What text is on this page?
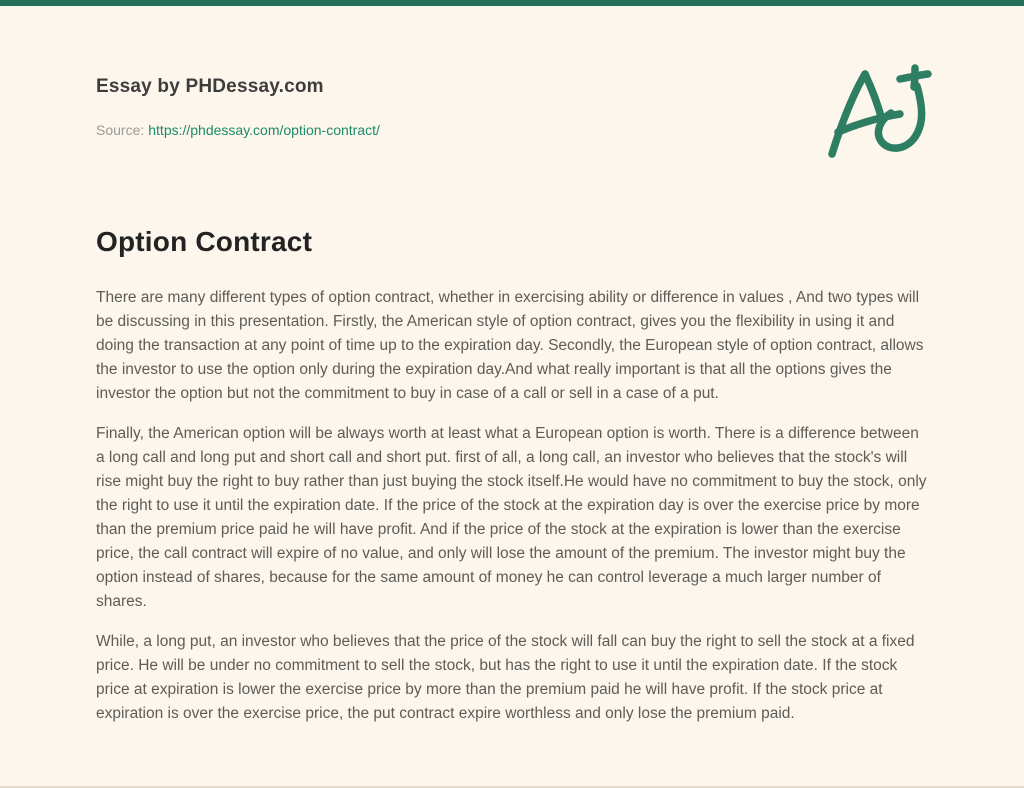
Essay by PHDessay.com
Source: https://phdessay.com/option-contract/
Option Contract

There are many different types of option contract, whether in exercising ability or difference in values , And two types will be discussing in this presentation. Firstly, the American style of option contract, gives you the flexibility in using it and doing the transaction at any point of time up to the expiration day. Secondly, the European style of option contract, allows the investor to use the option only during the expiration day.And what really important is that all the options gives the investor the option but not the commitment to buy in case of a call or sell in a case of a put.

Finally, the American option will be always worth at least what a European option is worth. There is a difference between a long call and long put and short call and short put. first of all, a long call, an investor who believes that the stock's will rise might buy the right to buy rather than just buying the stock itself.He would have no commitment to buy the stock, only the right to use it until the expiration date. If the price of the stock at the expiration day is over the exercise price by more than the premium price paid he will have profit. And if the price of the stock at the expiration is lower than the exercise price, the call contract will expire of no value, and only will lose the amount of the premium. The investor might buy the option instead of shares, because for the same amount of money he can control leverage a much larger number of shares.

While, a long put, an investor who believes that the price of the stock will fall can buy the right to sell the stock at a fixed price. He will be under no commitment to sell the stock, but has the right to use it until the expiration date. If the stock price at expiration is lower the exercise price by more than the premium paid he will have profit. If the stock price at expiration is over the exercise price, the put contract expire worthless and only lose the premium paid.
